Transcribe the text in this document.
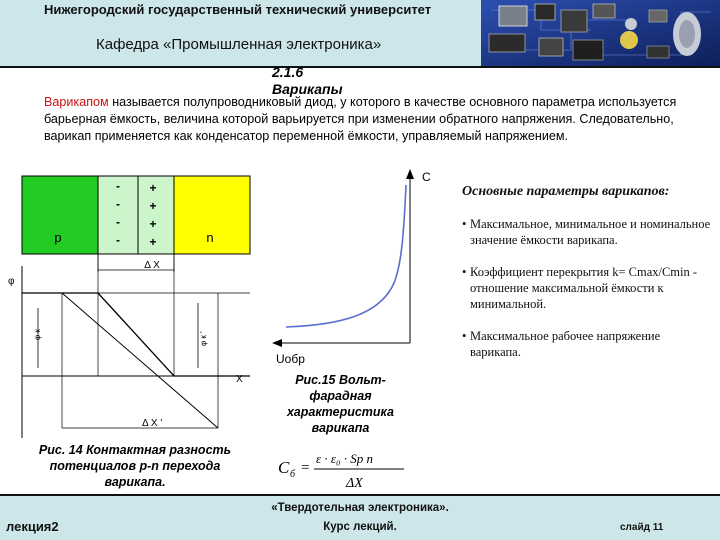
Нижегородский государственный технический университет
Кафедра «Промышленная электроника»
2.1.6 Варикапы
Варикапом называется полупроводниковый диод, у которого в качестве основного параметра используется барьерная ёмкость, величина которой варьируется при изменении обратного напряжения. Следовательно, варикап применяется как конденсатор переменной ёмкости, управляемый напряжением.
p	n
-
-
-
-
+
+
+
+
Δ X
φ
φ к	φ к '
X
Δ X '
Рис. 14 Контактная разность потенциалов p-n перехода варикапа.
C
Uобр
Рис.15 Вольт-фарадная характеристика варикапа
C б =
ε · ε₀ · Sp n
ΔX
Основные параметры варикапов:
• Максимальное, минимальное и номинальное значение ёмкости варикапа.
• Коэффициент перекрытия k= Cmax/Cmin - отношение максимальной ёмкости к минимальной.
• Максимальное рабочее напряжение варикапа.
«Твердотельная электроника».
лекция2	Курс лекций.	слайд 11
